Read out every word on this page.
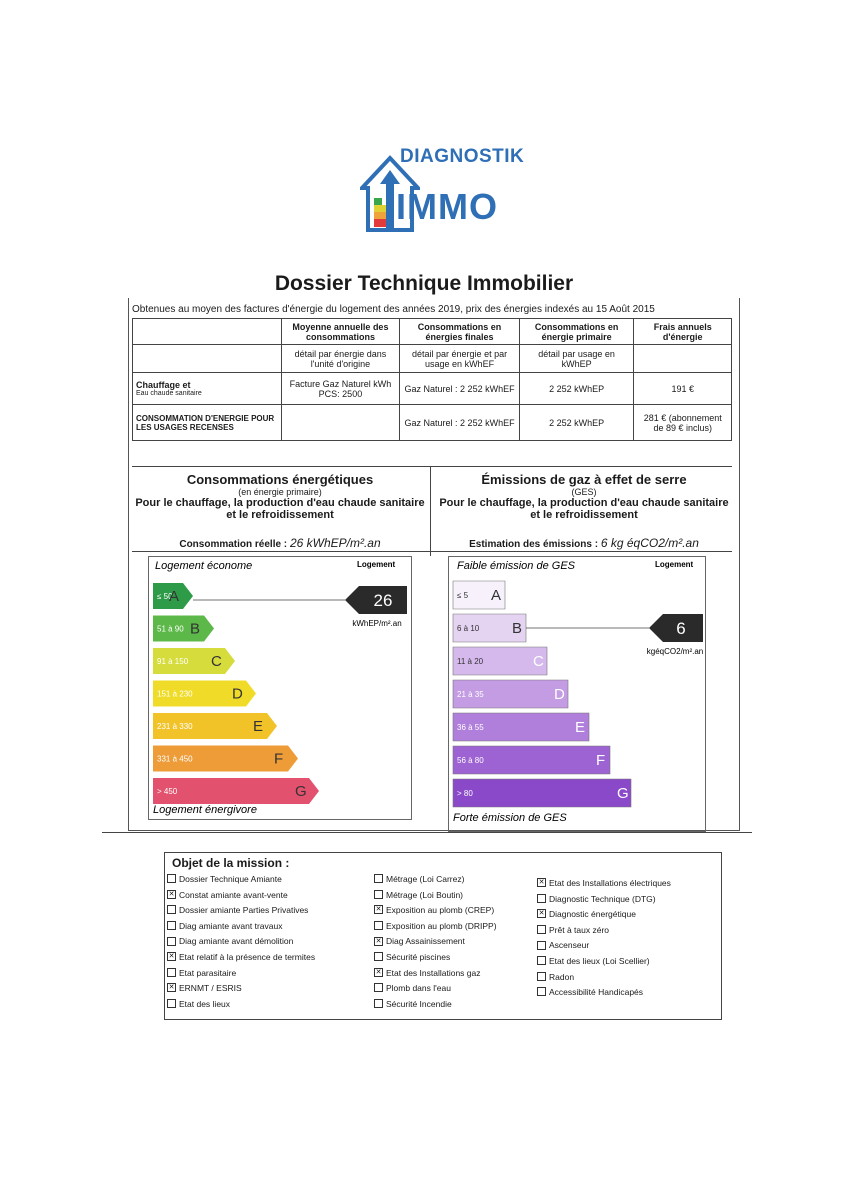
DIAGNOSTIK
IMMO
Dossier Technique Immobilier
Obtenues au moyen des factures d'énergie du logement des années 2019, prix des énergies indexés au 15 Août 2015
	Moyenne annuelle des consommations	Consommations en énergies finales	Consommations en énergie primaire	Frais annuels d'énergie
	détail par énergie dans l'unité d'origine	détail par énergie et par usage en kWhEF	détail par usage en kWhEP	
Chauffage et
Eau chaude sanitaire	Facture Gaz Naturel kWh PCS: 2500	Gaz Naturel : 2 252 kWhEF	2 252 kWhEP	191 €
CONSOMMATION D'ENERGIE POUR LES USAGES RECENSES		Gaz Naturel : 2 252 kWhEF	2 252 kWhEP	281 € (abonnement de 89 € inclus)
Consommations énergétiques
(en énergie primaire)
Pour le chauffage, la production d'eau chaude sanitaire et le refroidissement
Émissions de gaz à effet de serre
(GES)
Pour le chauffage, la production d'eau chaude sanitaire et le refroidissement
Consommation réelle : 26 kWhEP/m².an	Estimation des émissions : 6 kg éqCO2/m².an
Logement économe	Logement
≤ 50
A
51 à 90 B
91 à 150 C
151 à 230	D
231 à 330	E
331 à 450	F
> 450	G
26
kWhEP/m².an
Logement énergivore
Faible émission de GES	Logement
≤ 5 A
6 à 10 B
11 à 20	C
21 à 35	D
36 à 55	E
56 à 80	F
> 80	G
6
kgéqCO2/m².an
Forte émission de GES
Objet de la mission :
Dossier Technique Amiante
✕Constat amiante avant-vente
Dossier amiante Parties Privatives
Diag amiante avant travaux
Diag amiante avant démolition
✕Etat relatif à la présence de termites
Etat parasitaire
✕ERNMT / ESRIS
Etat des lieux
Métrage (Loi Carrez)
Métrage (Loi Boutin)
✕Exposition au plomb (CREP)
Exposition au plomb (DRIPP)
✕Diag Assainissement
Sécurité piscines
✕Etat des Installations gaz
Plomb dans l'eau
Sécurité Incendie
✕Etat des Installations électriques
Diagnostic Technique (DTG)
✕Diagnostic énergétique
Prêt à taux zéro
Ascenseur
Etat des lieux (Loi Scellier)
Radon
Accessibilité Handicapés
